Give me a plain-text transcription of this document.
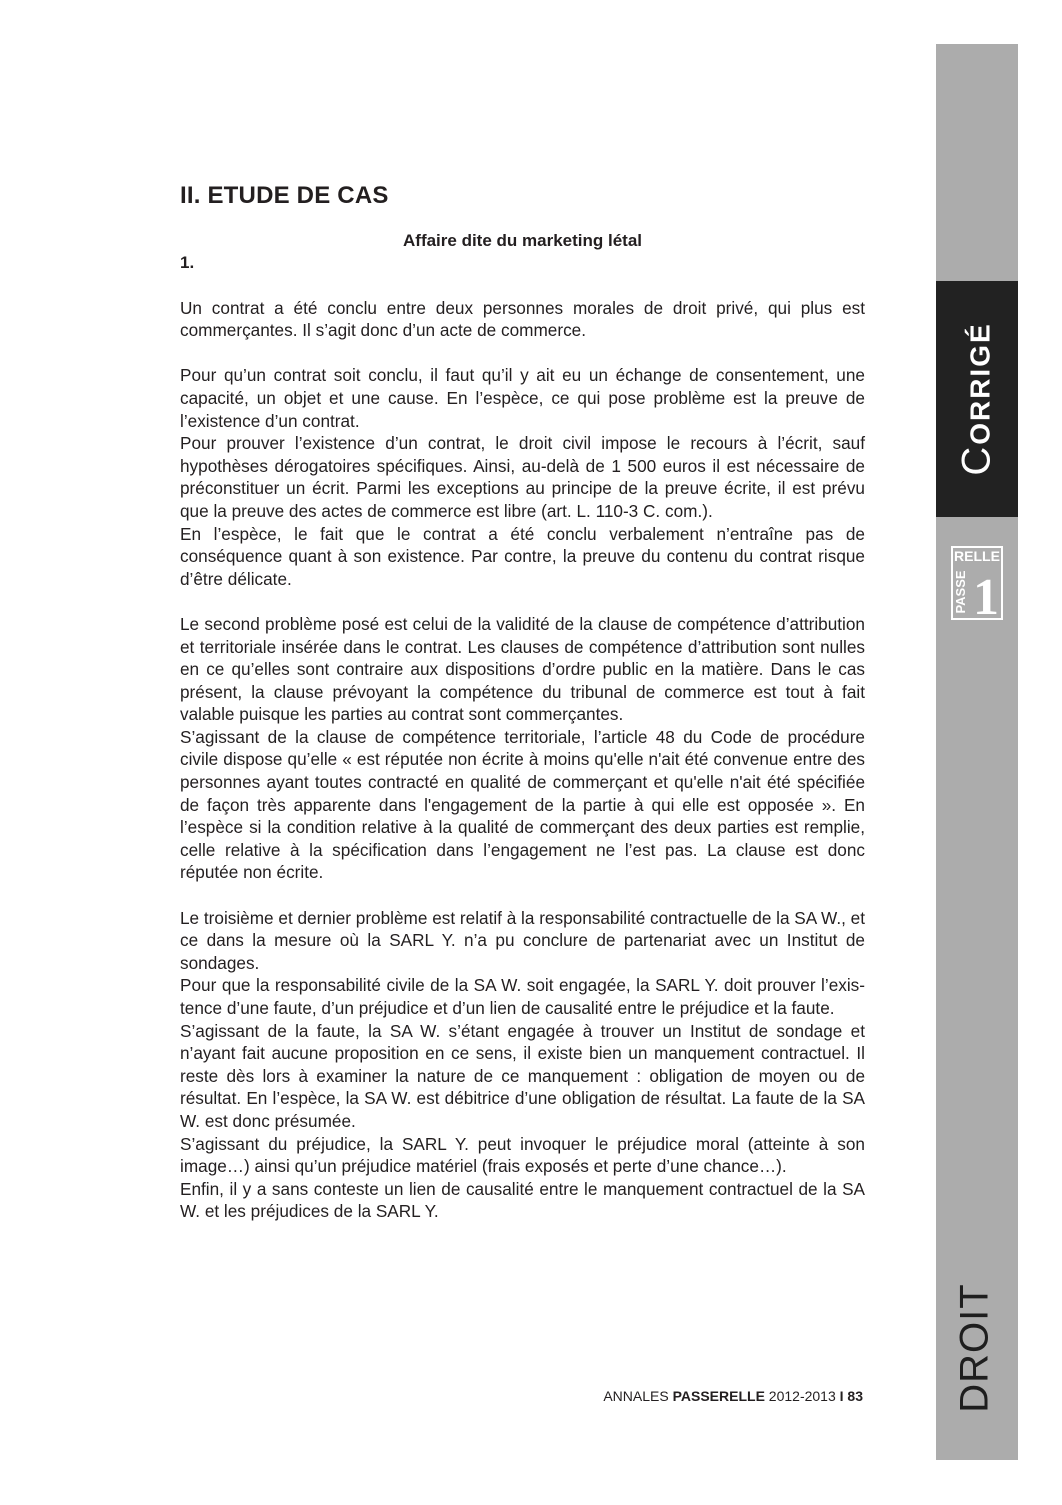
CORRIGÉ
RELLE
PASSE 1
DROIT
II. ETUDE DE CAS
Affaire dite du marketing létal
1.

Un contrat a été conclu entre deux personnes morales de droit privé, qui plus est commerçantes. Il s’agit donc d’un acte de commerce.

Pour qu’un contrat soit conclu, il faut qu’il y ait eu un échange de consentement, une capacité, un objet et une cause. En l’espèce, ce qui pose problème est la preuve de l’existence d’un contrat.

Pour prouver l’existence d’un contrat, le droit civil impose le recours à l’écrit, sauf hypothèses dérogatoires spécifiques. Ainsi, au-delà de 1 500 euros il est nécessaire de préconstituer un écrit. Parmi les exceptions au principe de la preuve écrite, il est prévu que la preuve des actes de commerce est libre (art. L. 110-3 C. com.).

En l’espèce, le fait que le contrat a été conclu verbalement n’entraîne pas de conséquence quant à son existence. Par contre, la preuve du contenu du contrat risque d’être délicate.

Le second problème posé est celui de la validité de la clause de compétence d’attribution et territoriale insérée dans le contrat. Les clauses de compétence d’attribution sont nulles en ce qu’elles sont contraire aux dispositions d’ordre public en la matière. Dans le cas présent, la clause prévoyant la compétence du tribunal de commerce est tout à fait valable puisque les parties au contrat sont commerçantes.

S’agissant de la clause de compétence territoriale, l’article 48 du Code de procédure civile dispose qu’elle « est réputée non écrite à moins qu'elle n'ait été convenue entre des personnes ayant toutes contracté en qualité de commerçant et qu'elle n'ait été spécifiée de façon très apparente dans l'engagement de la partie à qui elle est opposée ». En l’espèce si la condition relative à la qualité de commerçant des deux parties est remplie, celle relative à la spécification dans l’engagement ne l’est pas. La clause est donc réputée non écrite.

Le troisième et dernier problème est relatif à la responsabilité contractuelle de la SA W., et ce dans la mesure où la SARL Y. n’a pu conclure de partenariat avec un Institut de sondages.

Pour que la responsabilité civile de la SA W. soit engagée, la SARL Y. doit prouver l’existence d’une faute, d’un préjudice et d’un lien de causalité entre le préjudice et la faute.

S’agissant de la faute, la SA W. s’étant engagée à trouver un Institut de sondage et n’ayant fait aucune proposition en ce sens, il existe bien un manquement contractuel. Il reste dès lors à examiner la nature de ce manquement : obligation de moyen ou de résultat. En l’espèce, la SA W. est débitrice d’une obligation de résultat. La faute de la SA W. est donc présumée.

S’agissant du préjudice, la SARL Y. peut invoquer le préjudice moral (atteinte à son image…) ainsi qu’un préjudice matériel (frais exposés et perte d’une chance…).

Enfin, il y a sans conteste un lien de causalité entre le manquement contractuel de la SA W. et les préjudices de la SARL Y.

ANNALES PASSERELLE 2012-2013 I 83
